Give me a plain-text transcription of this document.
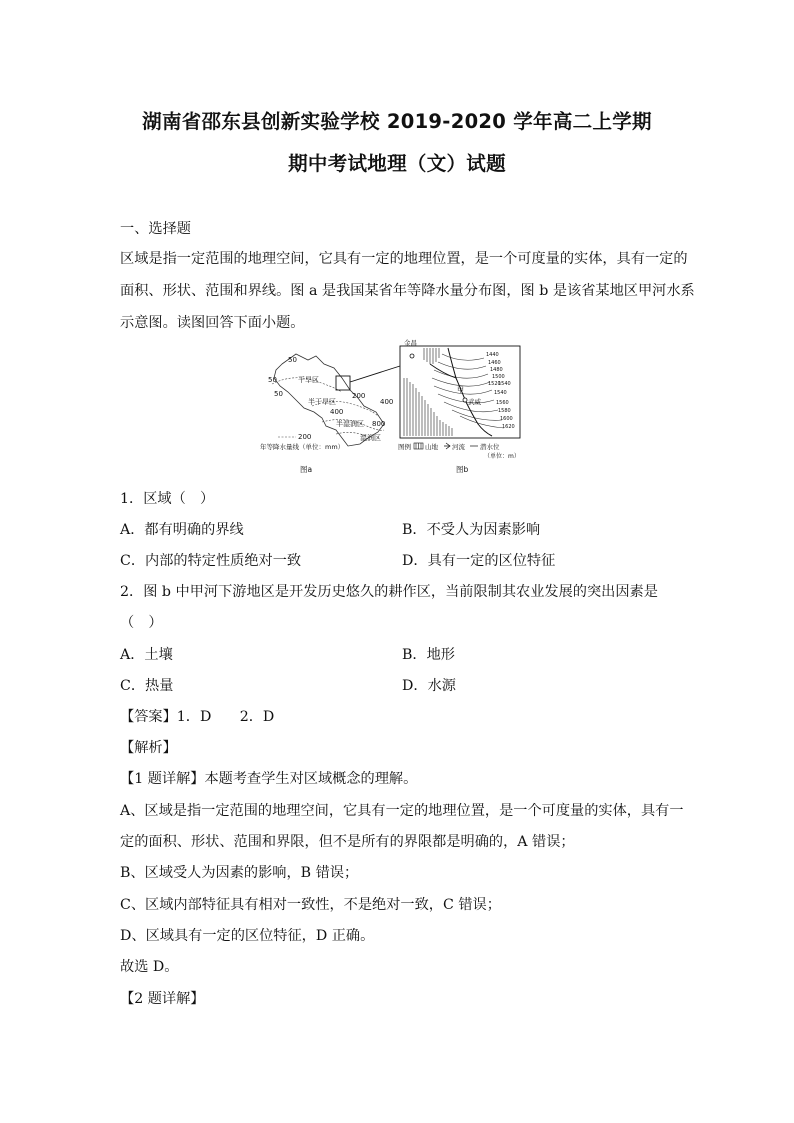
湖南省邵东县创新实验学校 2019-2020 学年高二上学期
期中考试地理（文）试题
一、选择题
区域是指一定范围的地理空间，它具有一定的地理位置，是一个可度量的实体，具有一定的
面积、形状、范围和界线。图 a 是我国某省年等降水量分布图，图 b 是该省某地区甲河水系
示意图。读图回答下面小题。
50
50
50
干旱区
半干旱区
200
400
400
半湿润区 800
湿润区
200
年等降水量线（单位：mm）
图a
金昌
甲
武威
1440
1460
1480
1500
1520
1540
1540
1560
1580
1600
1620
图例 山地 河流 潜水位
（单位：m）
图b
1．区域（　）
A．都有明确的界线	B．不受人为因素影响
C．内部的特定性质绝对一致	D．具有一定的区位特征
2．图 b 中甲河下游地区是开发历史悠久的耕作区，当前限制其农业发展的突出因素是
（　）
A．土壤	B．地形
C．热量	D．水源
【答案】1．D　　2．D
【解析】
【1 题详解】本题考查学生对区域概念的理解。
A、区域是指一定范围的地理空间，它具有一定的地理位置，是一个可度量的实体，具有一
定的面积、形状、范围和界限，但不是所有的界限都是明确的，A 错误；
B、区域受人为因素的影响，B 错误；
C、区域内部特征具有相对一致性，不是绝对一致，C 错误；
D、区域具有一定的区位特征，D 正确。
故选 D。
【2 题详解】
